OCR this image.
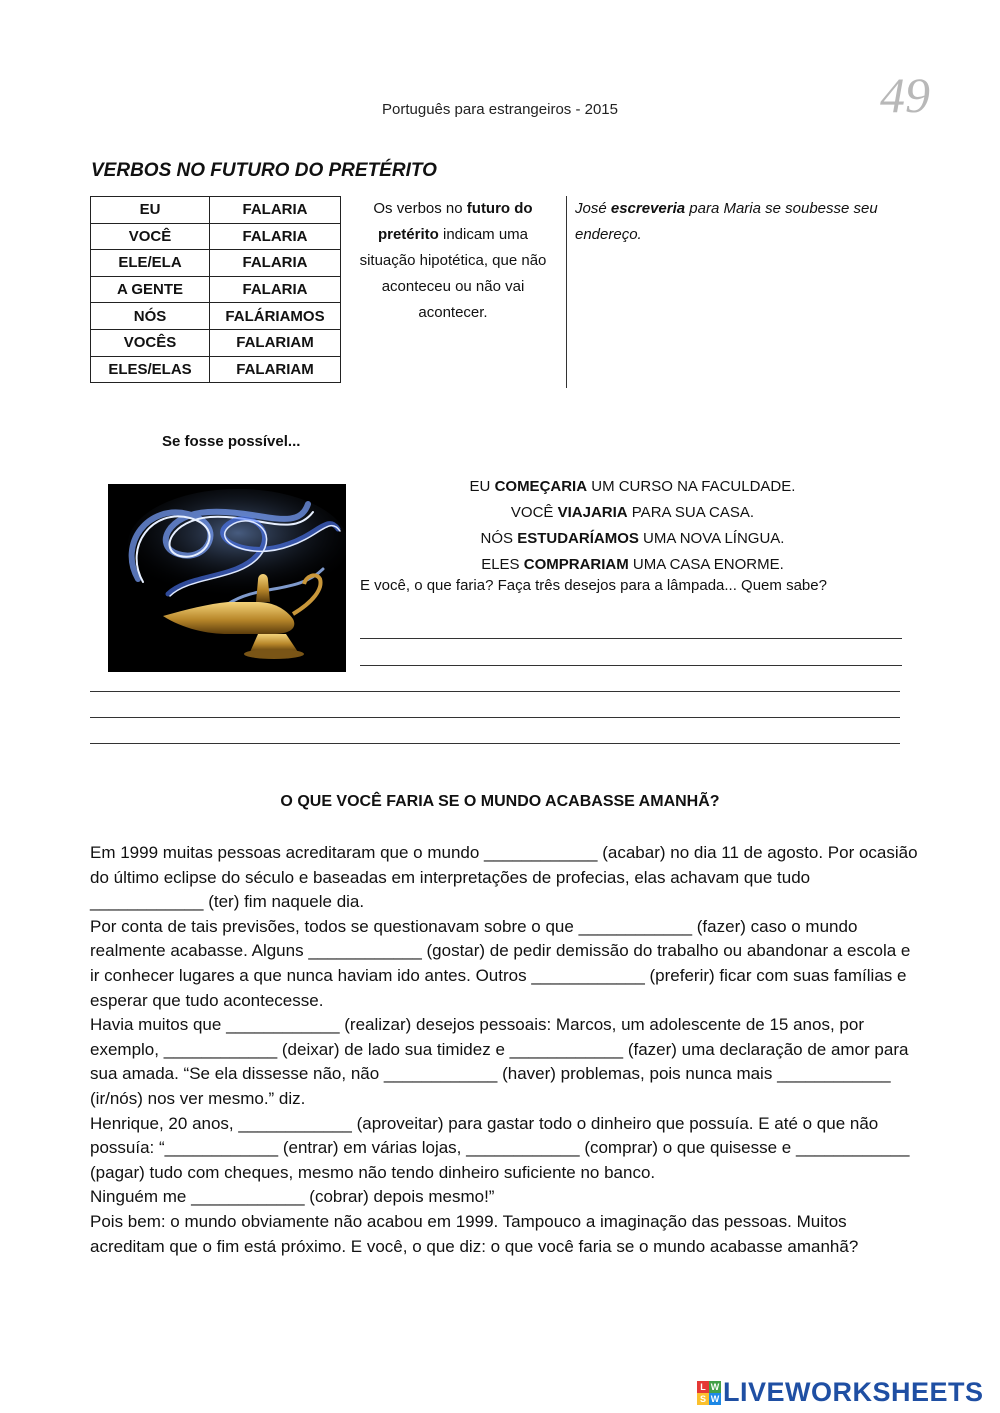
Português para estrangeiros - 2015	49
VERBOS NO FUTURO DO PRETÉRITO
EU	FALARIA
VOCÊ	FALARIA
ELE/ELA	FALARIA
A GENTE	FALARIA
NÓS	FALÁRIAMOS
VOCÊS	FALARIAM
ELES/ELAS	FALARIAM
Os verbos no futuro do pretérito indicam uma situação hipotética, que não aconteceu ou não vai acontecer.
José escreveria para Maria se soubesse seu endereço.
Se fosse possível...
EU COMEÇARIA UM CURSO NA FACULDADE.
VOCÊ VIAJARIA PARA SUA CASA.
NÓS ESTUDARÍAMOS UMA NOVA LÍNGUA.
ELES COMPRARIAM UMA CASA ENORME.
E você, o que faria? Faça três desejos para a lâmpada... Quem sabe?
O QUE VOCÊ FARIA SE O MUNDO ACABASSE AMANHÃ?

Em 1999 muitas pessoas acreditaram que o mundo ____________ (acabar) no dia 11 de agosto. Por ocasião do último eclipse do século e baseadas em interpretações de profecias, elas achavam que tudo ____________ (ter) fim naquele dia.

Por conta de tais previsões, todos se questionavam sobre o que ____________ (fazer) caso o mundo realmente acabasse. Alguns ____________ (gostar) de pedir demissão do trabalho ou abandonar a escola e ir conhecer lugares a que nunca haviam ido antes. Outros ____________ (preferir) ficar com suas famílias e esperar que tudo acontecesse.

Havia muitos que ____________ (realizar) desejos pessoais: Marcos, um adolescente de 15 anos, por exemplo, ____________ (deixar) de lado sua timidez e ____________ (fazer) uma declaração de amor para sua amada. “Se ela dissesse não, não ____________ (haver) problemas, pois nunca mais ____________ (ir/nós) nos ver mesmo.” diz.

Henrique, 20 anos, ____________ (aproveitar) para gastar todo o dinheiro que possuía. E até o que não possuía: “____________ (entrar) em várias lojas, ____________ (comprar) o que quisesse e ____________ (pagar) tudo com cheques, mesmo não tendo dinheiro suficiente no banco.

Ninguém me ____________ (cobrar) depois mesmo!”

Pois bem: o mundo obviamente não acabou em 1999. Tampouco a imaginação das pessoas. Muitos acreditam que o fim está próximo. E você, o que diz: o que você faria se o mundo acabasse amanhã?

L W
S W LIVEWORKSHEETS
